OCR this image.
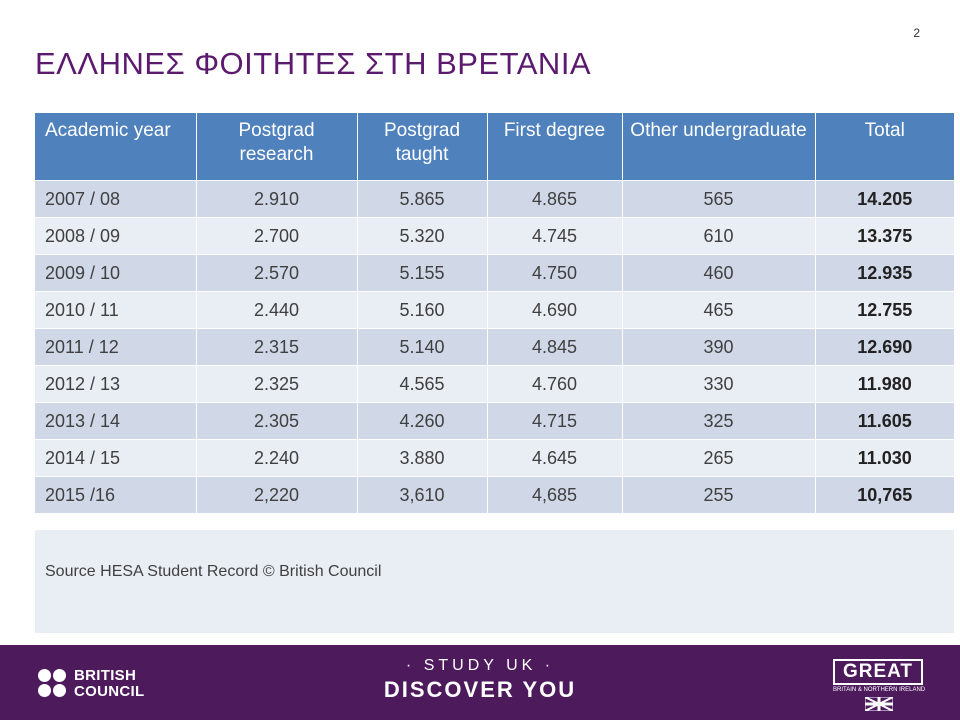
2
ΕΛΛΗΝΕΣ ΦΟΙΤΗΤΕΣ ΣΤΗ ΒΡΕΤΑΝΙΑ
Academic year	Postgrad research	Postgrad taught	First degree	Other undergraduate	Total
2007 / 08	2.910	5.865	4.865	565	14.205
2008 / 09	2.700	5.320	4.745	610	13.375
2009 / 10	2.570	5.155	4.750	460	12.935
2010 / 11	2.440	5.160	4.690	465	12.755
2011 / 12	2.315	5.140	4.845	390	12.690
2012 / 13	2.325	4.565	4.760	330	11.980
2013 / 14	2.305	4.260	4.715	325	11.605
2014 / 15	2.240	3.880	4.645	265	11.030
2015 /16	2,220	3,610	4,685	255	10,765
Source HESA Student Record © British Council
BRITISH
COUNCIL
· STUDY UK ·
DISCOVER YOU
GREAT
BRITAIN & NORTHERN IRELAND
